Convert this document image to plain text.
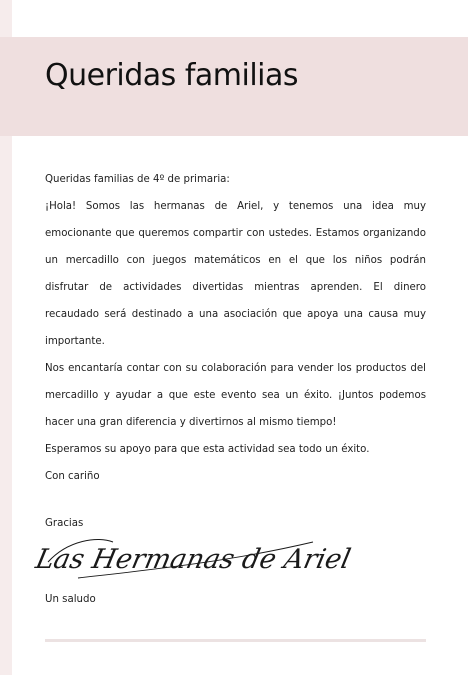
Queridas familias

Queridas familias de 4º de primaria:

¡Hola! Somos las hermanas de Ariel, y tenemos una idea muy emocionante que queremos compartir con ustedes. Estamos organizando un mercadillo con juegos matemáticos en el que los niños podrán disfrutar de actividades divertidas mientras aprenden. El dinero recaudado será destinado a una asociación que apoya una causa muy importante.

Nos encantaría contar con su colaboración para vender los productos del mercadillo y ayudar a que este evento sea un éxito. ¡Juntos podemos hacer una gran diferencia y divertirnos al mismo tiempo!

Esperamos su apoyo para que esta actividad sea todo un éxito.

Con cariño

Gracias
Las Hermanas de Ariel
Un saludo
